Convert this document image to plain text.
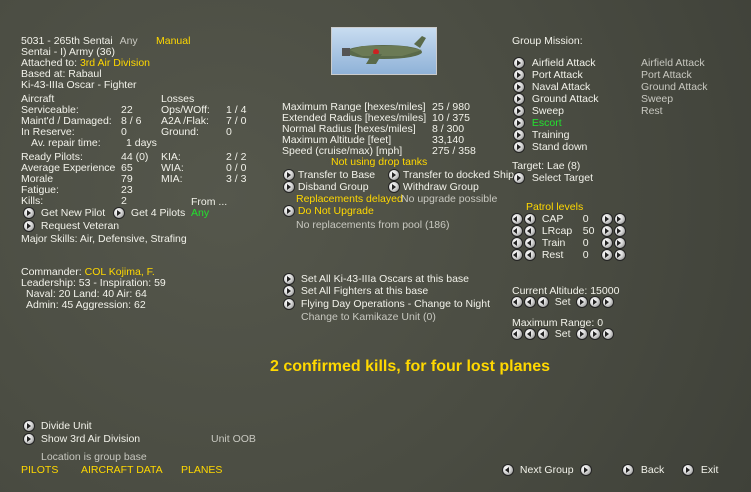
5031 - 265th Sentai Any Manual
Sentai - I) Army (36)
Attached to: 3rd Air Division
Based at: Rabaul
Ki-43-IIIa Oscar - Fighter
Aircraft
Serviceable:	22
Maint'd / Damaged: 8 / 6
In Reserve:	0
Av. repair time: 1 days
Losses
Ops/WOff: 1 / 4
A2A /Flak: 7 / 0
Ground:	0
Ready Pilots:	44 (0)
Average Experience 65
Morale	79
Fatigue:	23
Kills:	2
KIA:	2 / 2
WIA:	0 / 0
MIA:	3 / 3
From ...
Any
Get New Pilot	Get 4 Pilots
Request Veteran
Major Skills: Air, Defensive, Strafing
Commander: COL Kojima, F.
Leadership: 53 - Inspiration: 59
Naval: 20 Land: 40 Air: 64
Admin: 45 Aggression: 62
Maximum Range [hexes/miles] 25 / 980
Extended Radius [hexes/miles] 10 / 375
Normal Radius [hexes/miles] 8 / 300
Maximum Altitude [feet]	33,140
Speed (cruise/max) [mph]	275 / 358
Not using drop tanks
Transfer to Base	Transfer to docked Ship
Disband Group	Withdraw Group
Replacements delayed
No upgrade possible
Do Not Upgrade
No replacements from pool (186)
Set All Ki-43-IIIa Oscars at this base
Set All Fighters at this base
Flying Day Operations - Change to Night
Change to Kamikaze Unit (0)
2 confirmed kills, for four lost planes
Group Mission:
Airfield Attack
Port Attack
Naval Attack
Ground Attack
Sweep
Escort
Training
Stand down
Airfield Attack
Port Attack
Ground Attack
Sweep
Rest
Target: Lae (8)
Select Target
Patrol levels
CAP 0
LRcap 50
Train 0
Rest 0
Current Altitude: 15000
Set
Maximum Range: 0
Set
Divide Unit
Show 3rd Air Division	Unit OOB
Location is group base
PILOTS AIRCRAFT DATA PLANES	Next Group	Back	Exit
